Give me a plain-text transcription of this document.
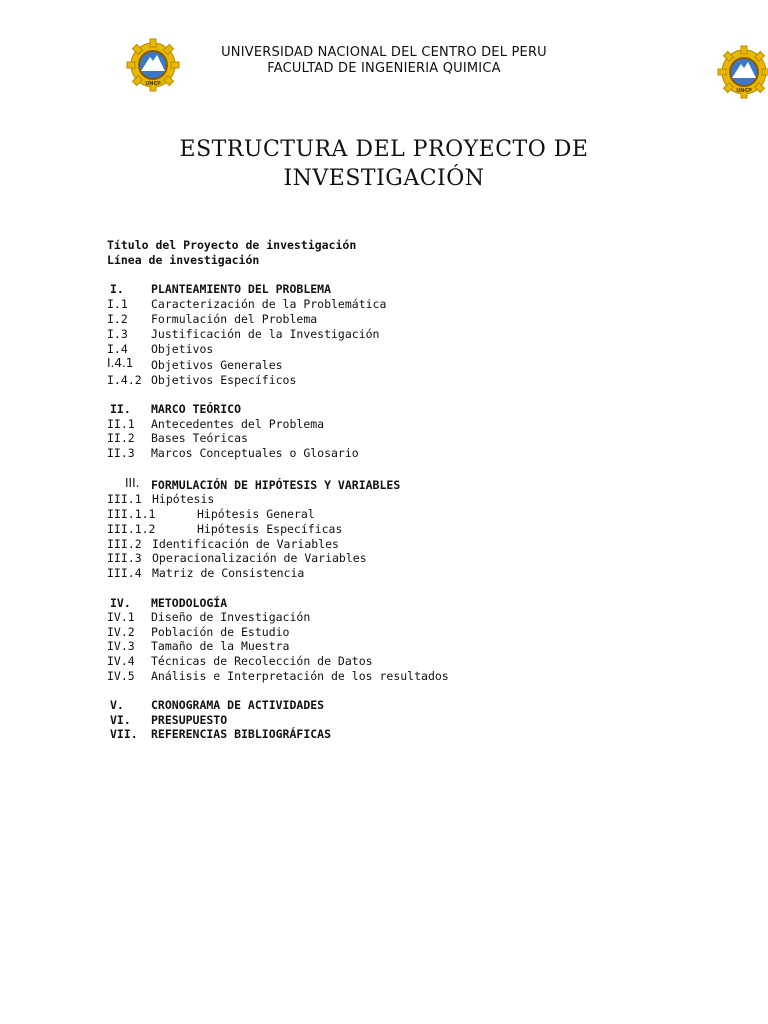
UNCP
UNCP
UNIVERSIDAD NACIONAL DEL CENTRO DEL PERU
FACULTAD DE INGENIERIA QUIMICA
ESTRUCTURA DEL PROYECTO DE
INVESTIGACIÓN
Título del Proyecto de investigación
Línea de investigación
I. PLANTEAMIENTO DEL PROBLEMA
I.1 Caracterización de la Problemática
I.2 Formulación del Problema
I.3 Justificación de la Investigación
I.4 Objetivos
I.4.1 Objetivos Generales
I.4.2 Objetivos Específicos
II. MARCO TEÓRICO
II.1 Antecedentes del Problema
II.2 Bases Teóricas
II.3 Marcos Conceptuales o Glosario
III. FORMULACIÓN DE HIPÓTESIS Y VARIABLES
III.1 Hipótesis
III.1.1	Hipótesis General
III.1.2	Hipótesis Específicas
III.2 Identificación de Variables
III.3 Operacionalización de Variables
III.4 Matriz de Consistencia
IV. METODOLOGÍA
IV.1 Diseño de Investigación
IV.2 Población de Estudio
IV.3 Tamaño de la Muestra
IV.4 Técnicas de Recolección de Datos
IV.5 Análisis e Interpretación de los resultados
V. CRONOGRAMA DE ACTIVIDADES
VI. PRESUPUESTO
VII. REFERENCIAS BIBLIOGRÁFICAS
